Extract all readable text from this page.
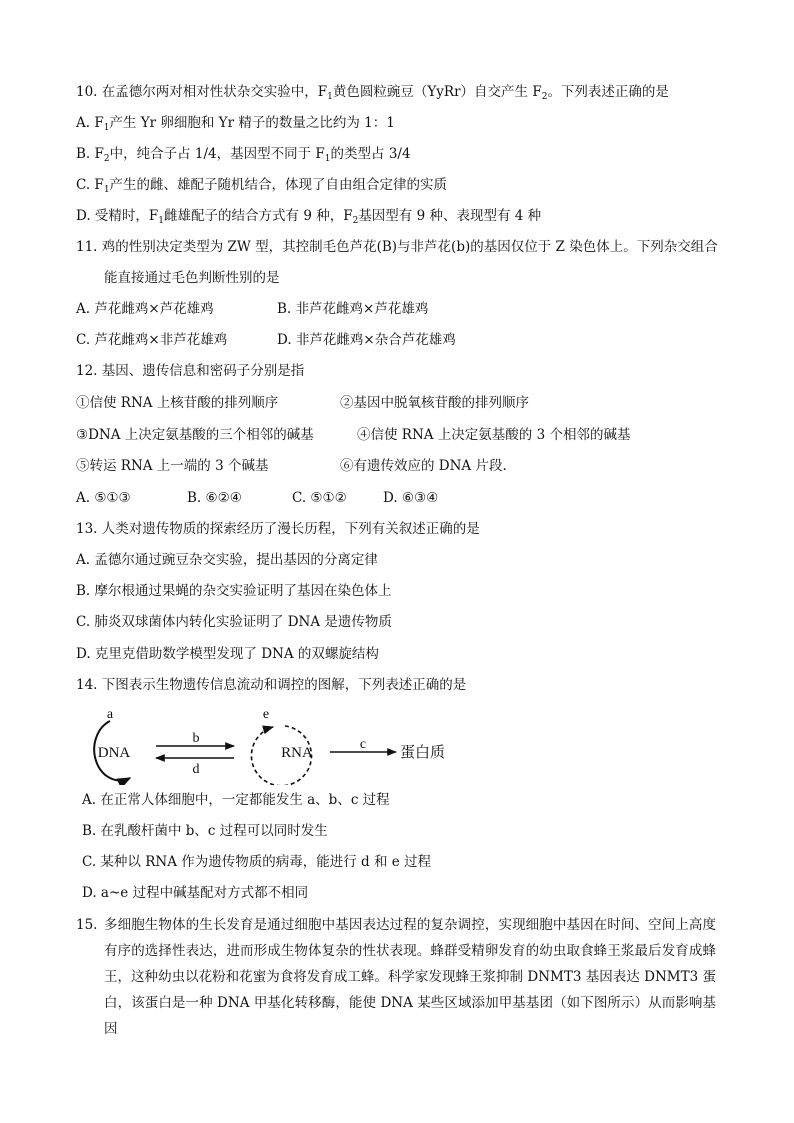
10. 在孟德尔两对相对性状杂交实验中，$F_1$黄色圆粒豌豆（YyRr）自交产生 $F_2$。下列表述正确的是
A. $F_1$产生 Yr 卵细胞和 Yr 精子的数量之比约为 1：1
B. $F_2$中，纯合子占 1/4，基因型不同于 $F_1$的类型占 3/4
C. $F_1$产生的雌、雄配子随机结合，体现了自由组合定律的实质
D. 受精时，$F_1$雌雄配子的结合方式有 9 种，$F_2$基因型有 9 种、表现型有 4 种
11. 鸡的性别决定类型为 ZW 型，其控制毛色芦花(B)与非芦花(b)的基因仅位于 Z 染色体上。下列杂交组合
能直接通过毛色判断性别的是
A. 芦花雌鸡×芦花雄鸡	B. 非芦花雌鸡×芦花雄鸡
C. 芦花雌鸡×非芦花雄鸡	D. 非芦花雌鸡×杂合芦花雄鸡
12. 基因、遗传信息和密码子分别是指
①信使 RNA 上核苷酸的排列顺序	②基因中脱氧核苷酸的排列顺序
③DNA 上决定氨基酸的三个相邻的碱基	④信使 RNA 上决定氨基酸的 3 个相邻的碱基
⑤转运 RNA 上一端的 3 个碱基	⑥有遗传效应的 DNA 片段.
A. ⑤①③	B. ⑥②④	C. ⑤①②	D. ⑥③④
13. 人类对遗传物质的探索经历了漫长历程，下列有关叙述正确的是
A. 孟德尔通过豌豆杂交实验，提出基因的分离定律
B. 摩尔根通过果蝇的杂交实验证明了基因在染色体上
C. 肺炎双球菌体内转化实验证明了 DNA 是遗传物质
D. 克里克借助数学模型发现了 DNA 的双螺旋结构
14. 下图表示生物遗传信息流动和调控的图解，下列表述正确的是
a
DNA
b
d
e
RNA
c
蛋白质
A. 在正常人体细胞中，一定都能发生 a、b、c 过程
B. 在乳酸杆菌中 b、c 过程可以同时发生
C. 某种以 RNA 作为遗传物质的病毒，能进行 d 和 e 过程
D. a~e 过程中碱基配对方式都不相同
15. 多细胞生物体的生长发育是通过细胞中基因表达过程的复杂调控，实现细胞中基因在时间、空间上高度有序的选择性表达，进而形成生物体复杂的性状表现。蜂群受精卵发育的幼虫取食蜂王浆最后发育成蜂王，这种幼虫以花粉和花蜜为食将发育成工蜂。科学家发现蜂王浆抑制 DNMT3 基因表达 DNMT3 蛋白，该蛋白是一种 DNA 甲基化转移酶，能使 DNA 某些区域添加甲基基团（如下图所示）从而影响基因
